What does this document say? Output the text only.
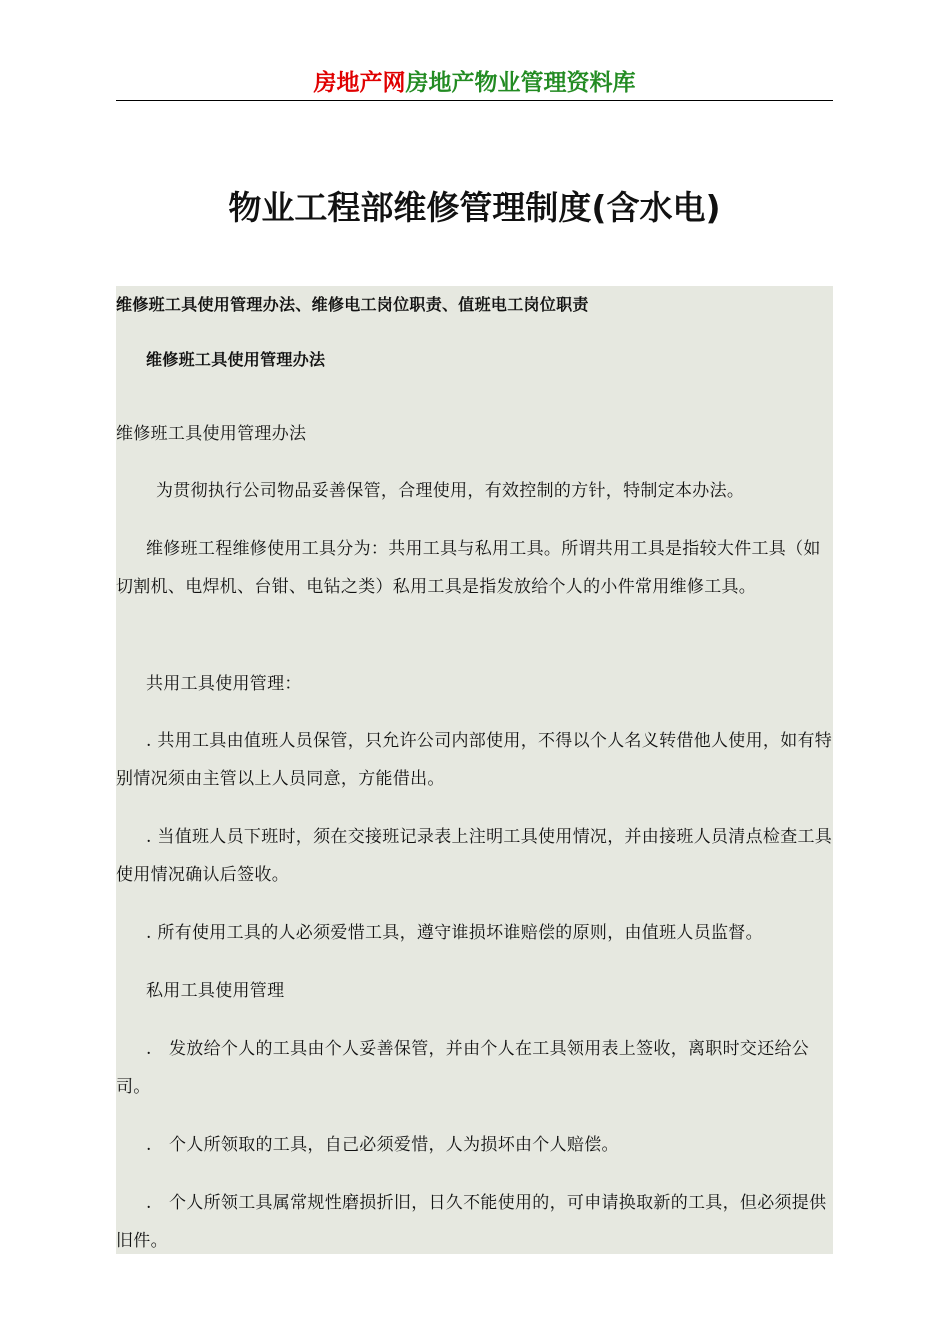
房地产网房地产物业管理资料库
物业工程部维修管理制度(含水电)

维修班工具使用管理办法、维修电工岗位职责、值班电工岗位职责

维修班工具使用管理办法

维修班工具使用管理办法

为贯彻执行公司物品妥善保管，合理使用，有效控制的方针，特制定本办法。

维修班工程维修使用工具分为：共用工具与私用工具。所谓共用工具是指较大件工具（如切割机、电焊机、台钳、电钻之类）私用工具是指发放给个人的小件常用维修工具。

共用工具使用管理：

. 共用工具由值班人员保管，只允许公司内部使用，不得以个人名义转借他人使用，如有特别情况须由主管以上人员同意，方能借出。

. 当值班人员下班时，须在交接班记录表上注明工具使用情况，并由接班人员清点检查工具使用情况确认后签收。

. 所有使用工具的人必须爱惜工具，遵守谁损坏谁赔偿的原则，由值班人员监督。

私用工具使用管理

.　发放给个人的工具由个人妥善保管，并由个人在工具领用表上签收，离职时交还给公司。

.　个人所领取的工具，自己必须爱惜，人为损坏由个人赔偿。

.　个人所领工具属常规性磨损折旧，日久不能使用的，可申请换取新的工具，但必须提供旧件。
